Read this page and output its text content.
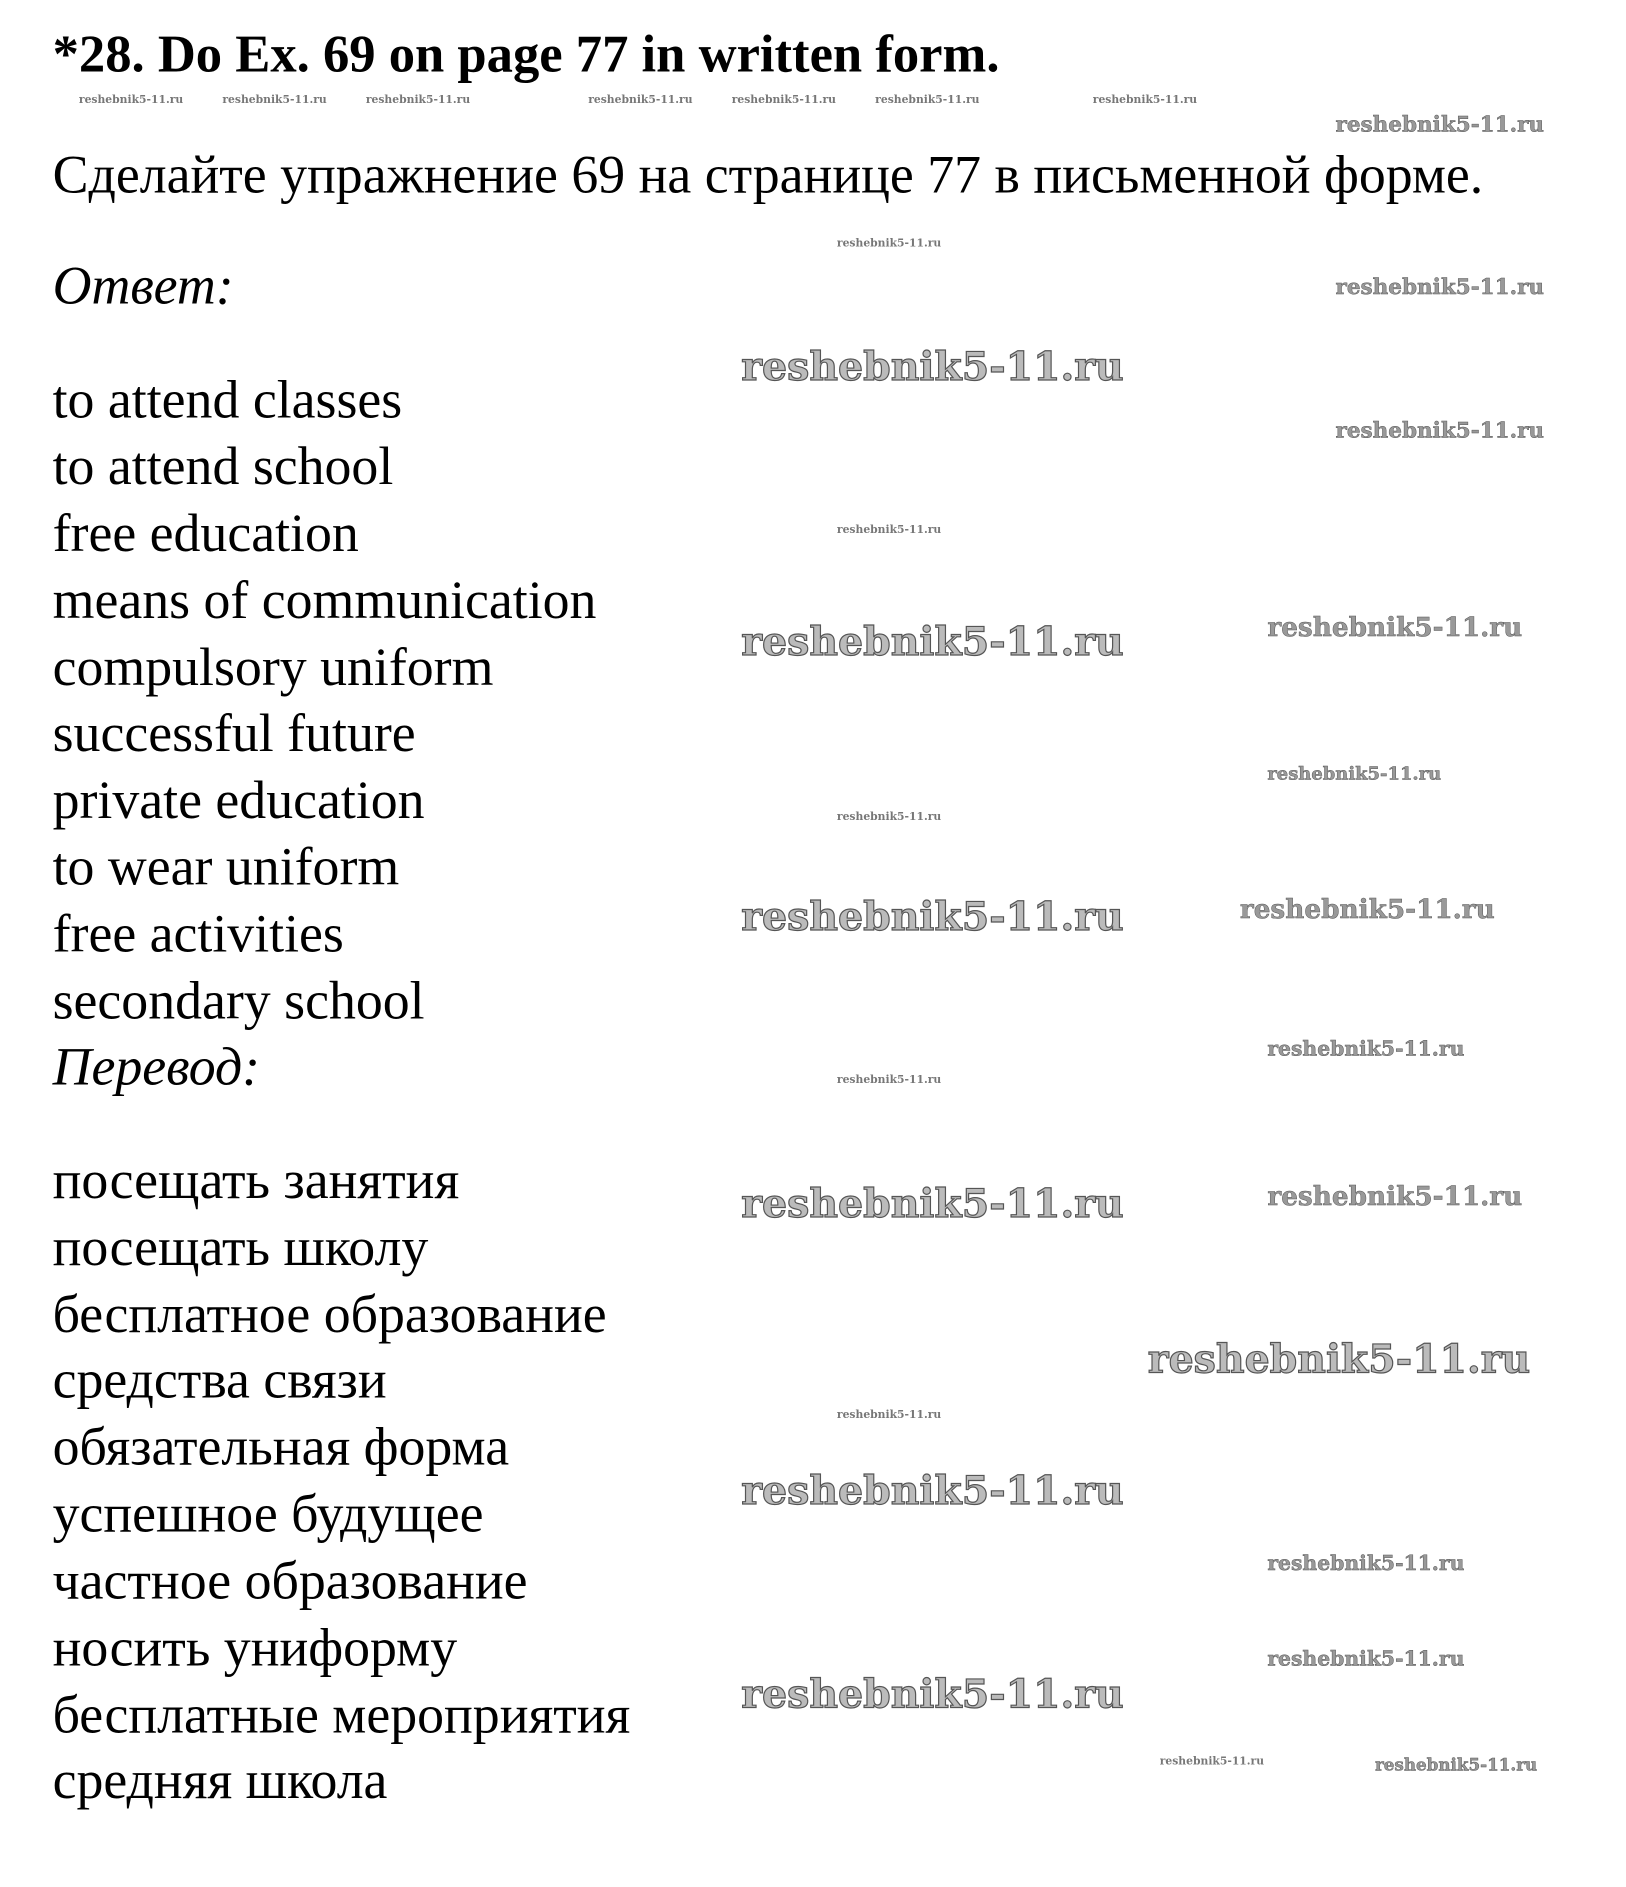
*28. Do Ex. 69 on page 77 in written form.
Сделайте упражнение 69 на странице 77 в письменной форме.
Ответ:
to attend classes
to attend school
free education
means of communication
compulsory uniform
successful future
private education
to wear uniform
free activities
secondary school
Перевод:
посещать занятия
посещать школу
бесплатное образование
средства связи
обязательная форма
успешное будущее
частное образование
носить униформу
бесплатные мероприятия
средняя школа
reshebnik5-11.ru
reshebnik5-11.ru
reshebnik5-11.ru
reshebnik5-11.ru
reshebnik5-11.ru
reshebnik5-11.ru
reshebnik5-11.ru
reshebnik5-11.ru
reshebnik5-11.ru
reshebnik5-11.ru
reshebnik5-11.ru
reshebnik5-11.ru
reshebnik5-11.ru
reshebnik5-11.ru
reshebnik5-11.ru
reshebnik5-11.ru
reshebnik5-11.ru
reshebnik5-11.ru
reshebnik5-11.ru	reshebnik5-11.ru	reshebnik5-11.ru	reshebnik5-11.ru	reshebnik5-11.ru	reshebnik5-11.ru	reshebnik5-11.ru
reshebnik5-11.ru
reshebnik5-11.ru
reshebnik5-11.ru
reshebnik5-11.ru
reshebnik5-11.ru
reshebnik5-11.ru
